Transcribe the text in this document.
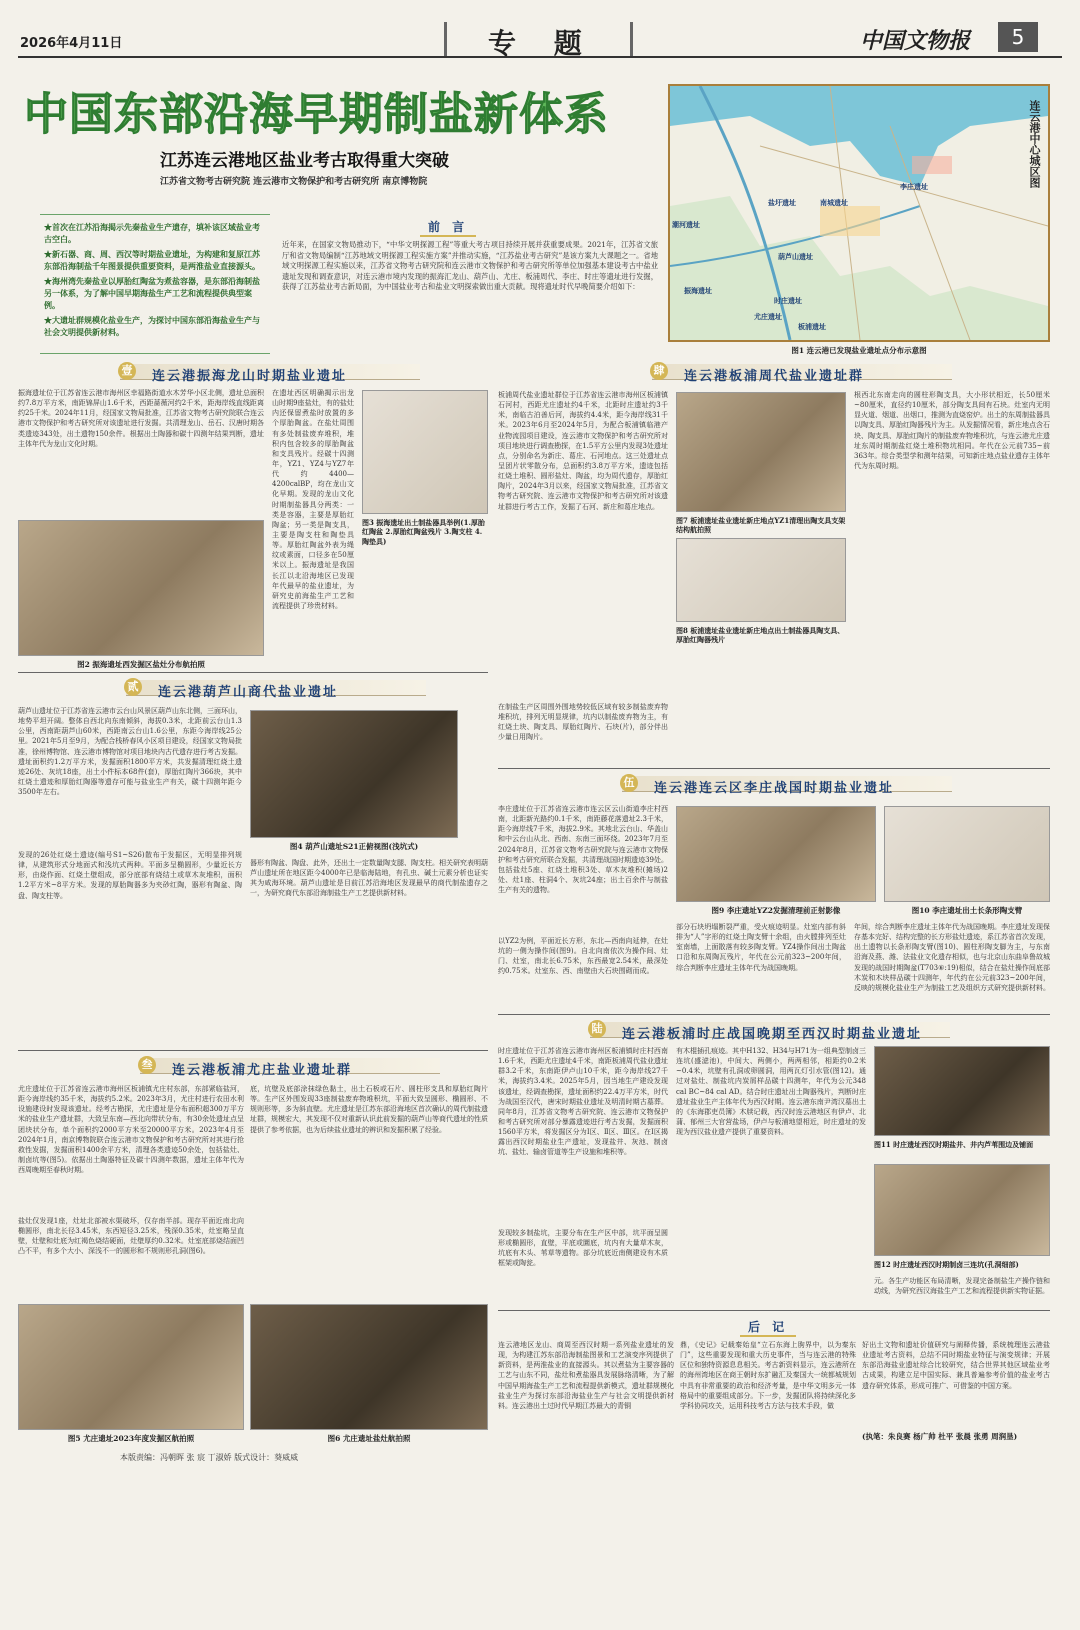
2026年4月11日	专 题	中国文物报	5
中国东部沿海早期制盐新体系
江苏连云港地区盐业考古取得重大突破
江苏省文物考古研究院 连云港市文物保护和考古研究所 南京博物院

★首次在江苏沿海揭示先秦盐业生产遗存，填补该区域盐业考古空白。

★新石器、商、周、西汉等时期盐业遗址，为构建和复原江苏东部沿海制盐千年图景提供重要资料，是两淮盐业直接源头。

★海州湾先秦盐业以厚胎红陶盆为煮盐容器，是东部沿海制盐另一体系，为了解中国早期海盐生产工艺和流程提供典型案例。

★大遗址群规模化盐业生产，为探讨中国东部沿海盐业生产与社会文明提供新材料。

前 言
近年来，在国家文物局推动下，“中华文明探源工程”等重大考古项目持续开展并获重要成果。2021年，江苏省文旅厅和省文物局编制“江苏地域文明探源工程实施方案”并推动实施，“江苏盐业考古研究”是该方案九大课题之一。省地域文明探源工程实施以来，江苏省文物考古研究院和连云港市文物保护和考古研究所等单位加强基本建设考古中盐业遗址发现和调查意识，对连云港市境内发现的振海汇龙山、葫芦山、尤庄、板浦周代、李庄、时庄等遗址进行发掘，获得了江苏盐业考古新局面，为中国盐业考古和盐业文明探索做出重大贡献。现将遗址时代早晚简要介绍如下：
连云港中心城区图
李庄遗址
盐圩遗址
振海遗址
潮河遗址
葫芦山遗址
时庄遗址
尤庄遗址
板浦遗址
南城遗址
图1 连云港已发现盐业遗址点分布示意图
壹 连云港振海龙山时期盐业遗址
振海遗址位于江苏省连云港市海州区幸福路街道水木芳华小区北侧，遗址总面积约7.8万平方米，南距锦屏山1.6千米，西距蔷薇河约2千米，距海岸线直线距离约25千米。2024年11月，经国家文物局批准，江苏省文物考古研究院联合连云港市文物保护和考古研究所对该遗址进行发掘。共清理龙山、岳石、汉唐时期各类遗迹343处，出土遗物150余件。根据出土陶器和碳十四测年结果判断，遗址主体年代为龙山文化时期。
图2 振海遗址西发掘区盐灶分布航拍照
在遗址西区明确揭示出龙山时期9座盐灶，有的盐灶内还保留煮盐时放置的多个厚胎陶盆。在盐灶周围有多处制盐废弃堆积，堆积内包含较多的厚胎陶盆和支具残片。经碳十四测年，YZ1、YZ4与YZ7年代约4400—4200calBP，均在龙山文化早期。发现的龙山文化时期制盐器具分两类：一类是容器，主要是厚胎红陶盆；另一类是陶支具，主要是陶支柱和陶垫具等。厚胎红陶盆外表为绳纹或素面，口径多在50厘米以上。振海遗址是我国长江以北沿海地区已发现年代最早的盐业遗址，为研究史前海盐生产工艺和流程提供了珍贵材料。
图3 振海遗址出土制盐器具举例(1.厚胎红陶盆 2.厚胎红陶盆残片 3.陶支柱 4.陶垫具)
贰 连云港葫芦山商代盐业遗址
葫芦山遗址位于江苏省连云港市云台山风景区葫芦山东北侧，三面环山，地势平坦开阔。整体自西北向东南倾斜，海拔0.3米，北距前云台山1.3公里，西南距葫芦山60米，西距南云台山1.6公里，东距今海岸线25公里。2021年5月至9月，为配合栈桥春风小区项目建设，经国家文物局批准，徐州博物馆、连云港市博物馆对项目地块内古代遗存进行考古发掘。遗址面积约1.2万平方米，发掘面积1800平方米，共发掘清理红烧土遗迹26处、灰坑18座，出土小件标本68件(套)，厚胎红陶片366块，其中红烧土遗迹和厚胎红陶器等遗存可能与盐业生产有关，碳十四测年距今3500年左右。
发现的26处红烧土遗迹(编号S1~S26)散布于发掘区，无明显排列规律，从建筑形式分地面式和浅坑式两种。平面多呈椭圆形，少量近长方形，由烧作面、红烧土壁组成，部分底部有烧结土或草木灰堆积，面积1.2平方米~8平方米。发现的厚胎陶器多为夹砂红陶，器形有陶盆、陶盘、陶支柱等。
图4 葫芦山遗址S21正俯视图(浅坑式)
器形有陶盆、陶盘、此外，还出土一定数量陶支腿、陶支柱。相关研究表明葫芦山遗址所在地区距今4000年已是临海陆地，有孔虫、碱土元素分析也证实其为咸海环境。葫芦山遗址是目前江苏沿海地区发现最早的商代制盐遗存之一，为研究商代东部沿海制盐生产工艺提供新材料。
叁 连云港板浦尤庄盐业遗址群
尤庄遗址位于江苏省连云港市海州区板浦镇尤庄村东部，东部紧临盐河，距今海岸线约35千米，海拔约5.2米。2023年3月，尤庄村进行农田水利设施建设时发现该遗址。经考古勘探，尤庄遗址是分布面积超300万平方米的盐业生产遗址群，大致呈东南—西北向带状分布，有30余处遗址点呈团块状分布，单个面积约2000平方米至20000平方米。2023年4月至2024年1月，南京博物院联合连云港市文物保护和考古研究所对其进行抢救性发掘，发掘面积1400余平方米，清理各类遗迹50余处，包括盐灶、制卤坑等(图5)。依据出土陶器特征及碳十四测年数据，遗址主体年代为西周晚期至春秋时期。
盐灶仅发现1座，灶址北部被水渠破坏，仅存南半部。现存平面近南北向椭圆形，南北长径3.45米，东西短径3.25米，残深0.35米，灶室略呈直壁，灶壁和灶底为红褐色烧结硬面，灶壁厚约0.32米。灶室底部烧结面凹凸不平，有多个大小、深浅不一的圆形和不规则形孔洞(图6)。
底，坑壁及底部涂抹绿色黏土，出土石板或石片、圆柱形支具和厚胎红陶片等。生产区外围发现33座制盐废弃物堆积坑，平面大致呈圆形、椭圆形、不规则形等，多为斜直壁。尤庄遗址是江苏东部沿海地区首次确认的周代制盐遗址群，规模宏大，其发现不仅对重新认识此前发掘的葫芦山等商代遗址的性质提供了参考依据，也为后续盐业遗址的辨识和发掘积累了经验。
图5 尤庄遗址2023年度发掘区航拍照	图6 尤庄遗址盐灶航拍照
肆 连云港板浦周代盐业遗址群
板浦周代盐业遗址群位于江苏省连云港市海州区板浦镇石河村，西距尤庄遗址约4千米，北距时庄遗址约3千米，南临古泊善后河，海拔约4.4米，距今海岸线31千米。2023年6月至2024年5月，为配合板浦镇临港产业物流园项目建设，连云港市文物保护和考古研究所对项目地块进行调查勘探，在1.5平方公里内发现3处遗址点，分别命名为新庄、葛庄、石河地点。这三处遗址点呈团片状零散分布，总面积约3.8万平方米，遗迹包括红烧土堆积、圆形盐灶、陶盆，均为周代遗存，厚胎红陶片，2024年3月以来，经国家文物局批准，江苏省文物考古研究院、连云港市文物保护和考古研究所对该遗址群进行考古工作，发掘了石河、新庄和葛庄地点。
在制盐生产区周围外围地势较低区域有较多制盐废弃物堆积坑，排列无明显规律，坑内以制盐废弃物为主，有红烧土块、陶支具、厚胎红陶片、石块(片)，部分伴出少量日用陶片。
图7 板浦遗址盐业遗址新庄地点YZ1清理出陶支具支架结构航拍照
图8 板浦遗址盐业遗址新庄地点出土制盐器具陶支具、厚胎红陶器残片
根西北东南走向的圆柱形陶支具，大小形状相近，长50厘米~80厘米，直径约10厘米，部分陶支具间有石块。灶室内无明显火道、烟道、出烟口，推测为直烧窑炉。出土的东周制盐器具以陶支具、厚胎红陶器残片为主。从发掘情况看，新庄地点含石块、陶支具、厚胎红陶片的制盐废弃物堆积坑，与连云港尤庄遗址东周时期制盐红烧土堆积物坑相同。年代在公元前735~前363年。综合类型学和测年结果，可知新庄地点盐业遗存主体年代为东周时期。
伍 连云港连云区李庄战国时期盐业遗址
李庄遗址位于江苏省连云港市连云区云山街道李庄村西南，北距新光路约0.1千米，南距藤花落遗址2.3千米，距今海岸线7千米，海拔2.9米。其地北云台山、华盖山和中云台山从北、西南、东南三面环绕。2023年7月至2024年8月，江苏省文物考古研究院与连云港市文物保护和考古研究所联合发掘，共清理战国时期遗迹39处。包括盐灶5座、红烧土堆积3处、草木灰堆积(摊场)2处、灶1座、柱洞4个、灰坑24座；出土百余件与制盐生产有关的遗物。
以YZ2为例，平面近长方形，东北—西南向延伸，在灶坑的一侧为操作间(图9)。自北向南依次为操作间、灶门、灶室，南北长6.75米，东西最宽2.54米，最深处约0.75米。灶室东、西、南壁由大石块围砌而成。
图9 李庄遗址YZ2发掘清理前正射影像	图10 李庄遗址出土长条形陶支臂
部分石块坍塌断裂严重，受火痕迹明显。灶室内部有斜排为“人”字形的红烧土陶支臂十余组，由火膛排列至灶室南墙，上面散落有较多陶支臂。YZ4操作间出土陶盆口沿和东周陶瓦残片，年代在公元前323~200年间，综合判断李庄遗址主体年代为战国晚期。
年间，综合判断李庄遗址主体年代为战国晚期。李庄遗址发现保存基本完好、结构完整的长方形盐灶遗迹，系江苏省首次发现，出土遗物以长条形陶支臂(图10)、圆柱形陶支脚为主，与东南沿海及燕、潍、法盐业文化遗存相似，也与北京山东曲阜鲁故城发现的战国时期陶盆(T703⑥:19)相似，结合在盐灶操作间底部木炭和木块样品碳十四测年，年代约在公元前323~200年间，反映的规模化盐业生产为制盐工艺及组织方式研究提供新材料。
陆 连云港板浦时庄战国晚期至西汉时期盐业遗址
时庄遗址位于江苏省连云港市海州区板浦镇时庄村西南1.6千米，西距尤庄遗址4千米，南距板浦周代盐业遗址群3.2千米，东南距伊卢山10千米，距今海岸线27千米，海拔约3.4米。2025年5月，因当地生产建设发现该遗址，经调查勘探，遗址面积约22.4万平方米，时代为战国至汉代，唐宋时期盐业遗址及明清时期古墓葬。同年8月，江苏省文物考古研究院、连云港市文物保护和考古研究所对部分暴露遗迹进行考古发掘，发掘面积1560平方米，将发掘区分为Ⅰ区、Ⅱ区、Ⅲ区。在Ⅰ区揭露出西汉时期盐业生产遗址，发现盐井、灰池、制卤坑、盐灶、输卤管道等生产设施和堆积等。
发现较多制盐坑，主要分布在生产区中部，坑平面呈圆形或椭圆形，直壁，平底或圜底，坑内有大量草木灰，坑底有木头、苇草等遗物。部分坑底近南侧建设有木质框架或陶瓮。
有木棍插孔痕迹。其中H132、H34与H71为一组典型制卤三连坑(盛滤池)，中间大、两侧小，两两相邻，相距约0.2米~0.4米，坑壁有孔洞或卵圆洞，用两瓦灯引水管(图12)。通过对盐灶、制盐坑内炭屑样品碳十四测年，年代为公元348 cal BC~84 cal AD。结合时庄遗址出土陶器残片，判断时庄遗址盐业生产主体年代为西汉时期。连云港东南尹湾汉墓出土的《东海郡吏员簿》木牍记载，西汉时连云港地区有伊卢、北蒲、郁州三大官营盐场，伊卢与板浦地望相近，时庄遗址的发现为西汉盐业遗产提供了重要资料。
图11 时庄遗址西汉时期盐井、井内芦苇围边及铺面
图12 时庄遗址西汉时期制卤三连坑(孔洞细部)
元。各生产功能区布局清晰，发现完备制盐生产操作链和动线，为研究西汉海盐生产工艺和流程提供新实物证据。
后 记
连云港地区龙山、商周至西汉时期一系列盐业遗址的发现，为构建江苏东部沿海制盐图景和工艺演变序列提供了新资料，是两淮盐业的直接源头。其以煮盐为主要容器的工艺与山东不同，盐灶和煮盐器具发展脉络清晰，为了解中国早期海盐生产工艺和流程提供新模式，遗址群规模化盐业生产为探讨东部沿海盐业生产与社会文明提供新材料。连云港出土过时代早期江苏最大的青铜
鼎，《史记》记载秦始皇“立石东海上朐界中，以为秦东门”，这些重要发现和重大历史事件，当与连云港的特殊区位和独特资源息息相关。考古新资料显示，连云港所在的海州湾地区在商王朝时东扩融汇及秦国大一统都城规划中具有非常重要的政治和经济考量，是中华文明多元一体格局中的重要组成部分。下一步，发掘团队将持续深化多学科协同攻关，运用科技考古方法与技术手段，做
好出土文物和遗址价值研究与阐释传播，系统梳理连云港盐业遗址考古资料，总结不同时期盐业特征与演变规律；开展东部沿海盐业遗址综合比较研究，结合世界其他区域盐业考古成果，构建立足中国实际、兼具普遍参考价值的盐业考古遗存研究体系，形成可推广、可借鉴的中国方案。
(执笔：朱良赛 杨广帅 杜平 张晨 张勇 周润垦)
本版责编：冯朝晖 张 宸 丁淑娇 版式设计：葵威威
